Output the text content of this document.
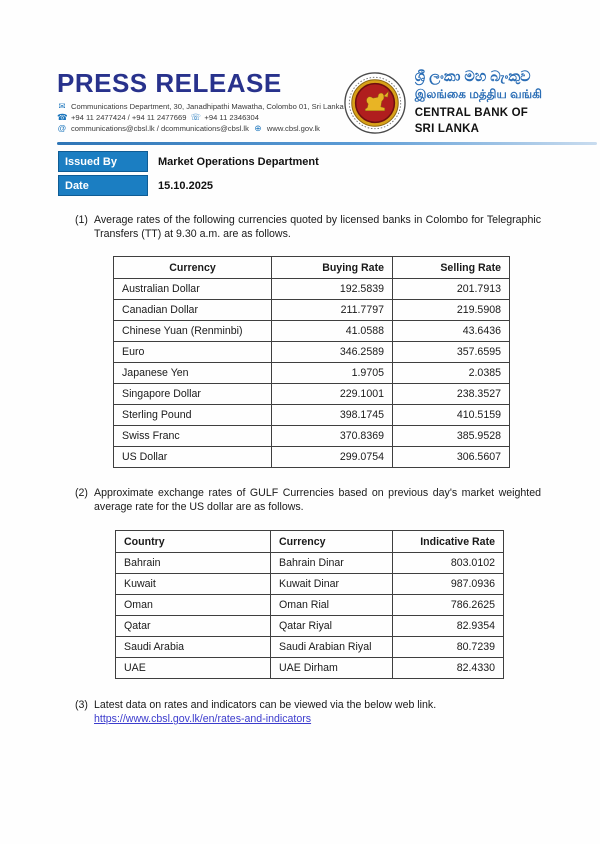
PRESS RELEASE
✉ Communications Department, 30, Janadhipathi Mawatha, Colombo 01, Sri Lanka
☎ +94 11 2477424 / +94 11 2477669 ☏ +94 11 2346304
@ communications@cbsl.lk / dcommunications@cbsl.lk ⊕ www.cbsl.gov.lk
ශ්‍රී ලංකා මහ බැංකුව
இலங்கை மத்திய வங்கி
CENTRAL BANK OF SRI LANKA
Issued By	Market Operations Department
Date	15.10.2025
(1) Average rates of the following currencies quoted by licensed banks in Colombo for Telegraphic Transfers (TT) at 9.30 a.m. are as follows.
Currency	Buying Rate	Selling Rate
Australian Dollar	192.5839	201.7913
Canadian Dollar	211.7797	219.5908
Chinese Yuan (Renminbi)	41.0588	43.6436
Euro	346.2589	357.6595
Japanese Yen	1.9705	2.0385
Singapore Dollar	229.1001	238.3527
Sterling Pound	398.1745	410.5159
Swiss Franc	370.8369	385.9528
US Dollar	299.0754	306.5607
(2) Approximate exchange rates of GULF Currencies based on previous day's market weighted average rate for the US dollar are as follows.
Country	Currency	Indicative Rate
Bahrain	Bahrain Dinar	803.0102
Kuwait	Kuwait Dinar	987.0936
Oman	Oman Rial	786.2625
Qatar	Qatar Riyal	82.9354
Saudi Arabia	Saudi Arabian Riyal	80.7239
UAE	UAE Dirham	82.4330
(3) Latest data on rates and indicators can be viewed via the below web link.
https://www.cbsl.gov.lk/en/rates-and-indicators
